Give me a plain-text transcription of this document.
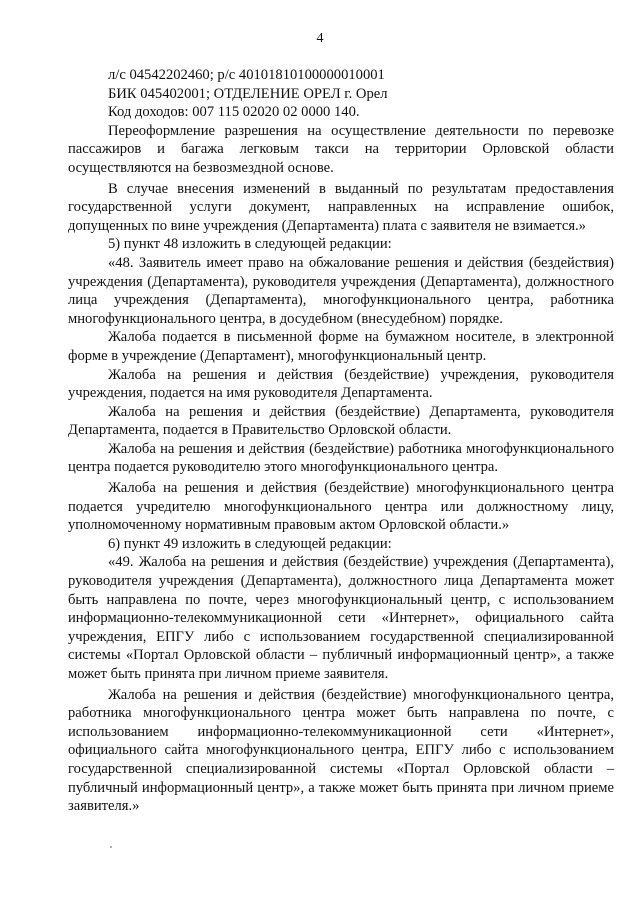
4
л/с 04542202460; р/с 40101810100000010001
БИК 045402001; ОТДЕЛЕНИЕ ОРЕЛ г. Орел
Код доходов: 007 115 02020 02 0000 140.
Переоформление разрешения на осуществление деятельности по перевозке пассажиров и багажа легковым такси на территории Орловской области осуществляются на безвозмездной основе.
В случае внесения изменений в выданный по результатам предоставления государственной услуги документ, направленных на исправление ошибок, допущенных по вине учреждения (Департамента) плата с заявителя не взимается.»
5) пункт 48 изложить в следующей редакции:
«48. Заявитель имеет право на обжалование решения и действия (бездействия) учреждения (Департамента), руководителя учреждения (Департамента), должностного лица учреждения (Департамента), многофункционального центра, работника многофункционального центра, в досудебном (внесудебном) порядке.
Жалоба подается в письменной форме на бумажном носителе, в электронной форме в учреждение (Департамент), многофункциональный центр.
Жалоба на решения и действия (бездействие) учреждения, руководителя учреждения, подается на имя руководителя Департамента.
Жалоба на решения и действия (бездействие) Департамента, руководителя Департамента, подается в Правительство Орловской области.
Жалоба на решения и действия (бездействие) работника многофункционального центра подается руководителю этого многофункционального центра.
Жалоба на решения и действия (бездействие) многофункционального центра подается учредителю многофункционального центра или должностному лицу, уполномоченному нормативным правовым актом Орловской области.»
6) пункт 49 изложить в следующей редакции:
«49. Жалоба на решения и действия (бездействие) учреждения (Департамента), руководителя учреждения (Департамента), должностного лица Департамента может быть направлена по почте, через многофункциональный центр, с использованием информационно-телекоммуникационной сети «Интернет», официального сайта учреждения, ЕПГУ либо с использованием государственной специализированной системы «Портал Орловской области – публичный информационный центр», а также может быть принята при личном приеме заявителя.
Жалоба на решения и действия (бездействие) многофункционального центра, работника многофункционального центра может быть направлена по почте, с использованием информационно-телекоммуникационной сети «Интернет», официального сайта многофункционального центра, ЕПГУ либо с использованием государственной специализированной системы «Портал Орловской области – публичный информационный центр», а также может быть принята при личном приеме заявителя.»
